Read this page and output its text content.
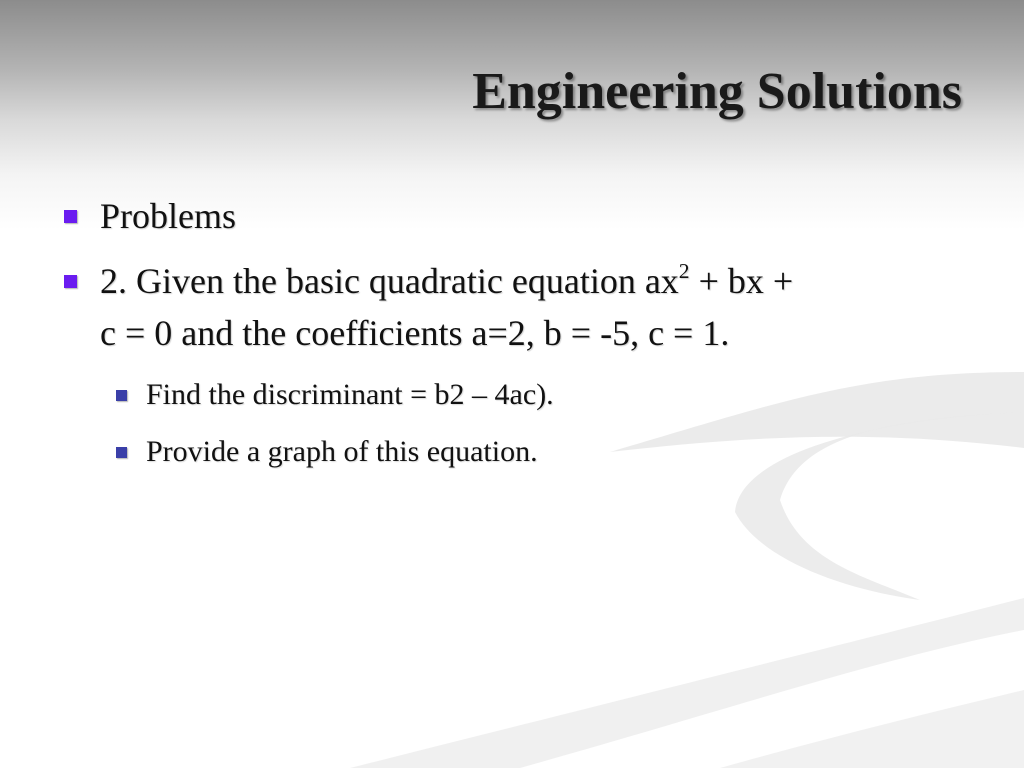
Engineering Solutions
Problems
2. Given the basic quadratic equation $ax^2$ + bx +
c = 0 and the coefficients a=2, b = -5, c = 1.
Find the discriminant = b2 – 4ac).
Provide a graph of this equation.
